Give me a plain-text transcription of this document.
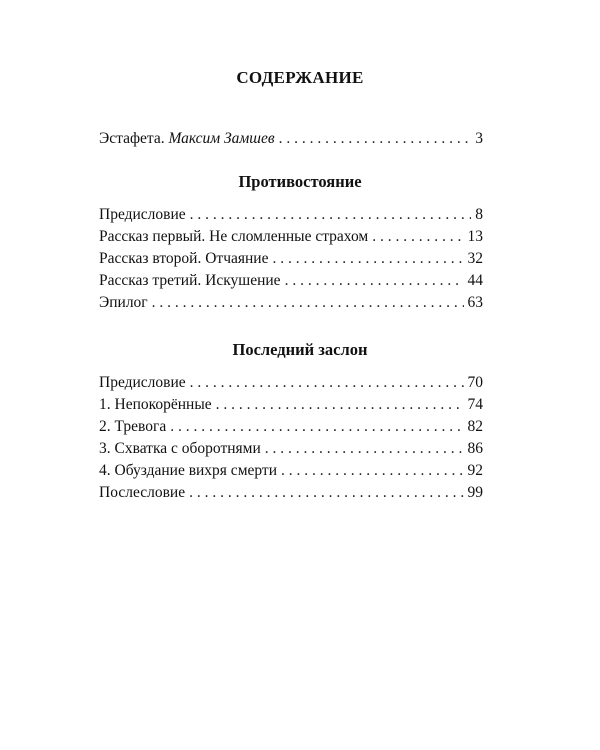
СОДЕРЖАНИЕ
Эстафета. Максим Замшев . . .	3
Противостояние
Предисловие . . .	8
Рассказ первый. Не сломленные страхом . . .	13
Рассказ второй. Отчаяние . . .	32
Рассказ третий. Искушение . . .	44
Эпилог . . .	63
Последний заслон
Предисловие . . .	70
1. Непокорённые . . .	74
2. Тревога . . .	82
3. Схватка с оборотнями . . .	86
4. Обуздание вихря смерти . . .	92
Послесловие . . .	99
